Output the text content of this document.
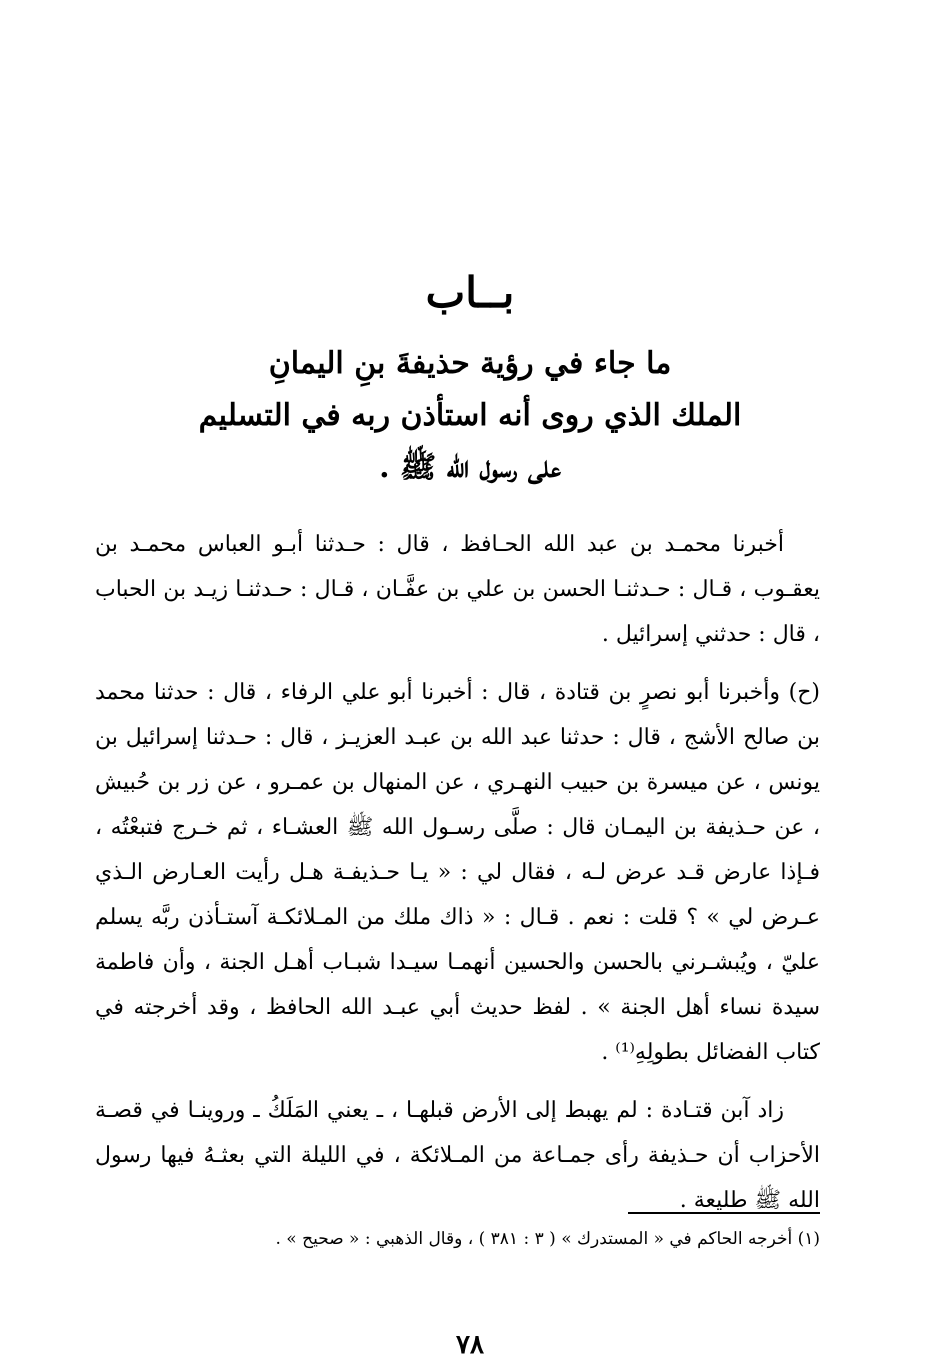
بــاب
ما جاء في رؤية حذيفةَ بنِ اليمانِ
الملك الذي روى أنه استأذن ربه في التسليم
على رسول الله ﷺ .

أخبرنا محمـد بن عبد الله الحـافظ ، قال : حـدثنا أبـو العباس محمـد بن يعقـوب ، قـال : حـدثنـا الحسن بن علي بن عفَّـان ، قـال : حـدثنـا زيـد بن الحباب ، قال : حدثني إسرائيل .

(ح) وأخبرنا أبو نصرٍ بن قتادة ، قال : أخبرنا أبو علي الرفاء ، قال : حدثنا محمد بن صالح الأشج ، قال : حدثنا عبد الله بن عبـد العزيـز ، قال : حـدثنا إسرائيل بن يونس ، عن ميسرة بن حبيب النهـري ، عن المنهال بن عمـرو ، عن زر بن حُبيش ، عن حـذيفة بن اليمـان قال : صلَّى رسـول الله ﷺ العشـاء ، ثم خـرج فتبعْتُه ، فـإذا عارض قـد عرض لـه ، فقال لي : « يـا حـذيفـة هـل رأيت العـارض الـذي عـرض لي » ؟ قلت : نعم . قـال : « ذاك ملك من المـلائكـة آستـأذن ربَّه يسلم عليّ ، ويُبشـرني بالحسن والحسين أنهمـا سيـدا شبـاب أهـل الجنة ، وأن فاطمة سيدة نساء أهل الجنة » . لفظ حديث أبي عبـد الله الحافظ ، وقد أخرجته في كتاب الفضائل بطولِهِ⁽¹⁾ .

زاد آبن قتـادة : لم يهبط إلى الأرض قبلهـا ، ـ يعني المَلَكُ ـ وروينـا في قصـة الأحزاب أن حـذيفة رأى جمـاعة من المـلائكة ، في الليلة التي بعثـهُ فيها رسول الله ﷺ طليعة .

(١) أخرجه الحاكم في « المستدرك » ( ٣ : ٣٨١ ) ، وقال الذهبي : « صحيح » .
٧٨
